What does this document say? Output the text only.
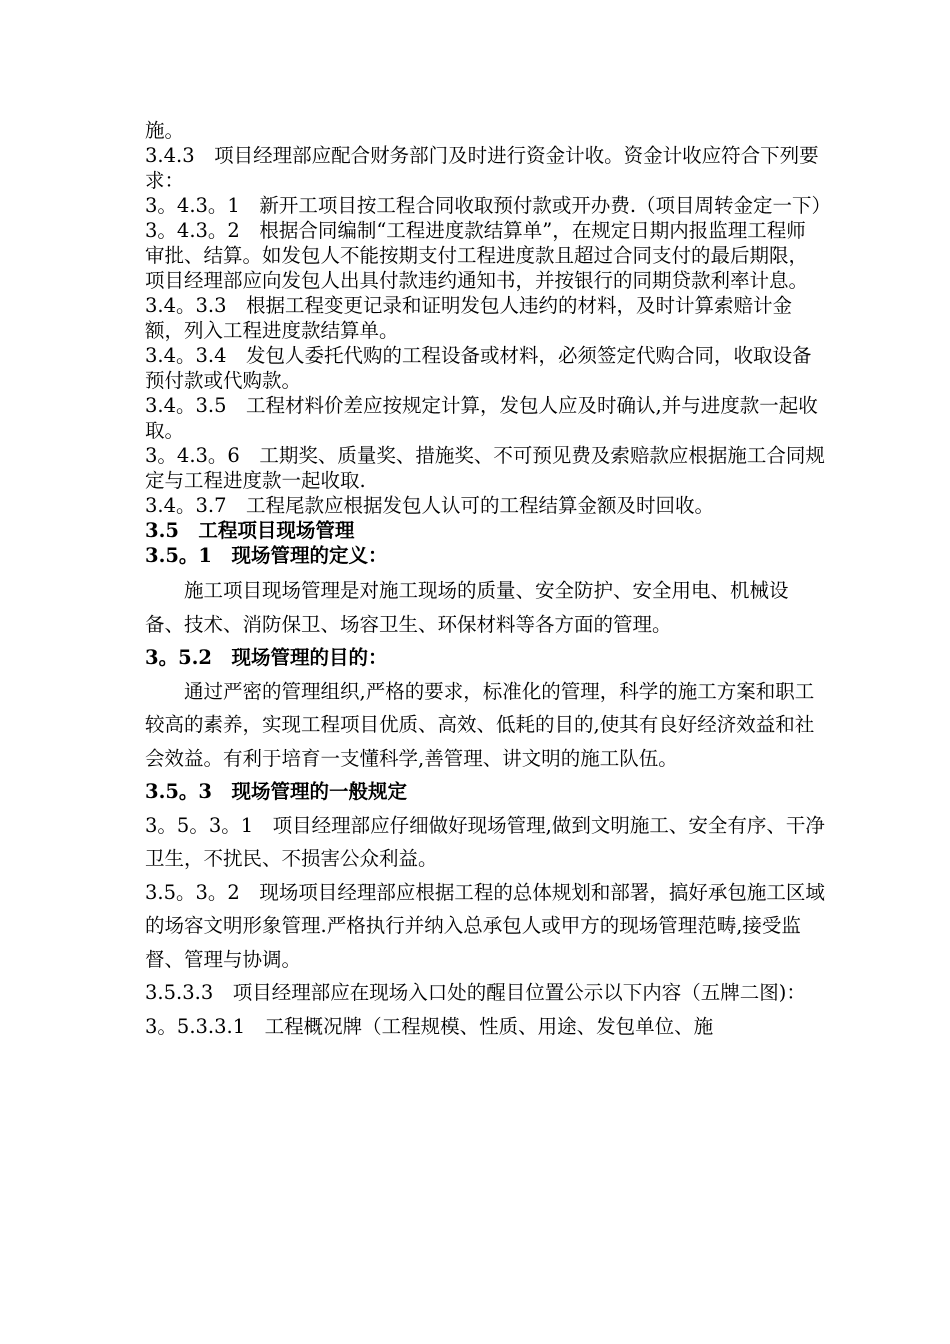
施。

3.4.3　项目经理部应配合财务部门及时进行资金计收。资金计收应符合下列要求：

3。4.3。1　新开工项目按工程合同收取预付款或开办费.（项目周转金定一下）

3。4.3。2　根据合同编制“工程进度款结算单”，在规定日期内报监理工程师审批、结算。如发包人不能按期支付工程进度款且超过合同支付的最后期限，项目经理部应向发包人出具付款违约通知书，并按银行的同期贷款利率计息。

3.4。3.3　根据工程变更记录和证明发包人违约的材料，及时计算索赔计金额，列入工程进度款结算单。

3.4。3.4　发包人委托代购的工程设备或材料，必须签定代购合同，收取设备预付款或代购款。

3.4。3.5　工程材料价差应按规定计算，发包人应及时确认,并与进度款一起收取。

3。4.3。6　工期奖、质量奖、措施奖、不可预见费及索赔款应根据施工合同规定与工程进度款一起收取.

3.4。3.7　工程尾款应根据发包人认可的工程结算金额及时回收。

3.5　工程项目现场管理

3.5。1　现场管理的定义：

施工项目现场管理是对施工现场的质量、安全防护、安全用电、机械设备、技术、消防保卫、场容卫生、环保材料等各方面的管理。

3。5.2　现场管理的目的：

通过严密的管理组织,严格的要求，标准化的管理，科学的施工方案和职工较高的素养，实现工程项目优质、高效、低耗的目的,使其有良好经济效益和社会效益。有利于培育一支懂科学,善管理、讲文明的施工队伍。

3.5。3　现场管理的一般规定

3。5。3。1　项目经理部应仔细做好现场管理,做到文明施工、安全有序、干净卫生，不扰民、不损害公众利益。

3.5。3。2　现场项目经理部应根据工程的总体规划和部署，搞好承包施工区域的场容文明形象管理.严格执行并纳入总承包人或甲方的现场管理范畴,接受监督、管理与协调。

3.5.3.3　项目经理部应在现场入口处的醒目位置公示以下内容（五牌二图)：

3。5.3.3.1　工程概况牌（工程规模、性质、用途、发包单位、施
